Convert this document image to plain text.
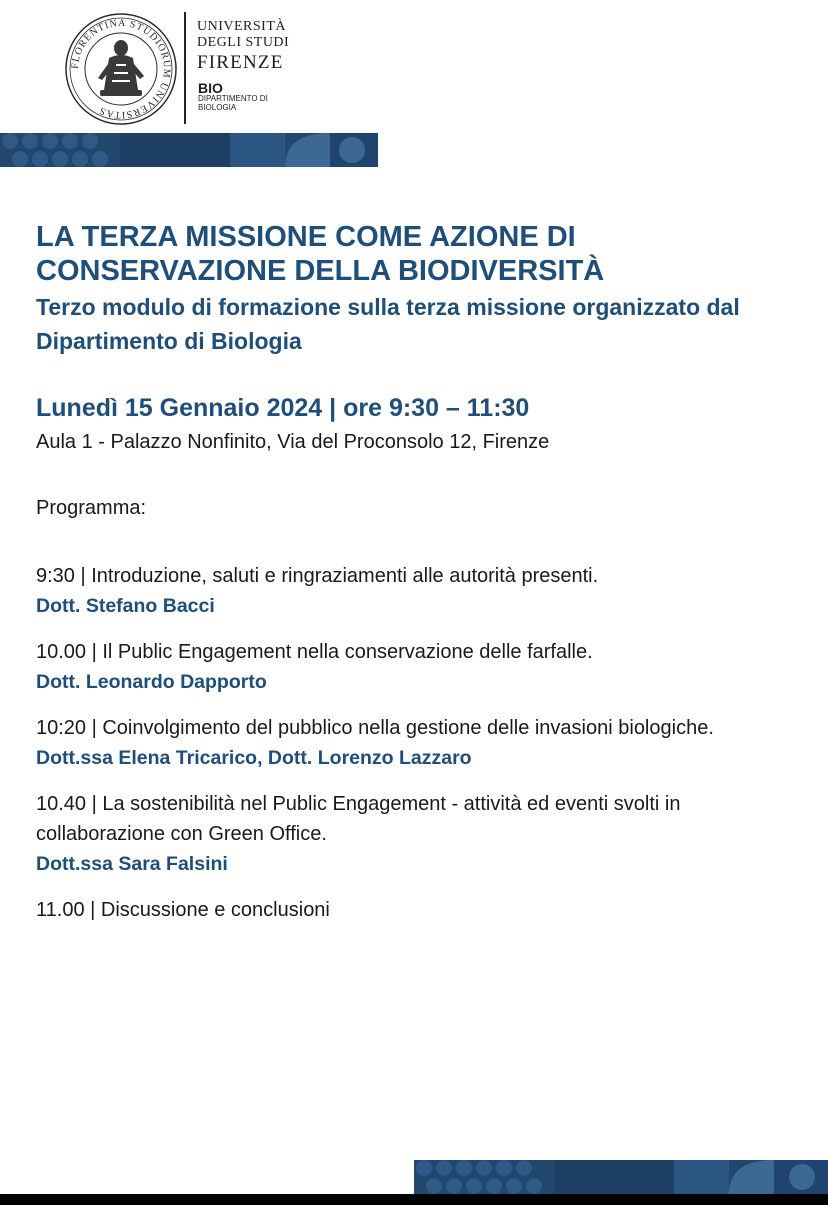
FLORENTINA STUDIORUM UNIVERSITAS
UNIVERSITÀ
DEGLI STUDI
FIRENZE
BIO
DIPARTIMENTO DI BIOLOGIA
LA TERZA MISSIONE COME AZIONE DI CONSERVAZIONE DELLA BIODIVERSITÀ
Terzo modulo di formazione sulla terza missione organizzato dal Dipartimento di Biologia
Lunedì 15 Gennaio 2024 | ore 9:30 – 11:30
Aula 1 - Palazzo Nonfinito, Via del Proconsolo 12, Firenze
Programma:
9:30 | Introduzione, saluti e ringraziamenti alle autorità presenti.
Dott. Stefano Bacci
10.00 | Il Public Engagement nella conservazione delle farfalle.
Dott. Leonardo Dapporto
10:20 | Coinvolgimento del pubblico nella gestione delle invasioni biologiche.
Dott.ssa Elena Tricarico, Dott. Lorenzo Lazzaro
10.40 | La sostenibilità nel Public Engagement - attività ed eventi svolti in collaborazione con Green Office.
Dott.ssa Sara Falsini
11.00 | Discussione e conclusioni
